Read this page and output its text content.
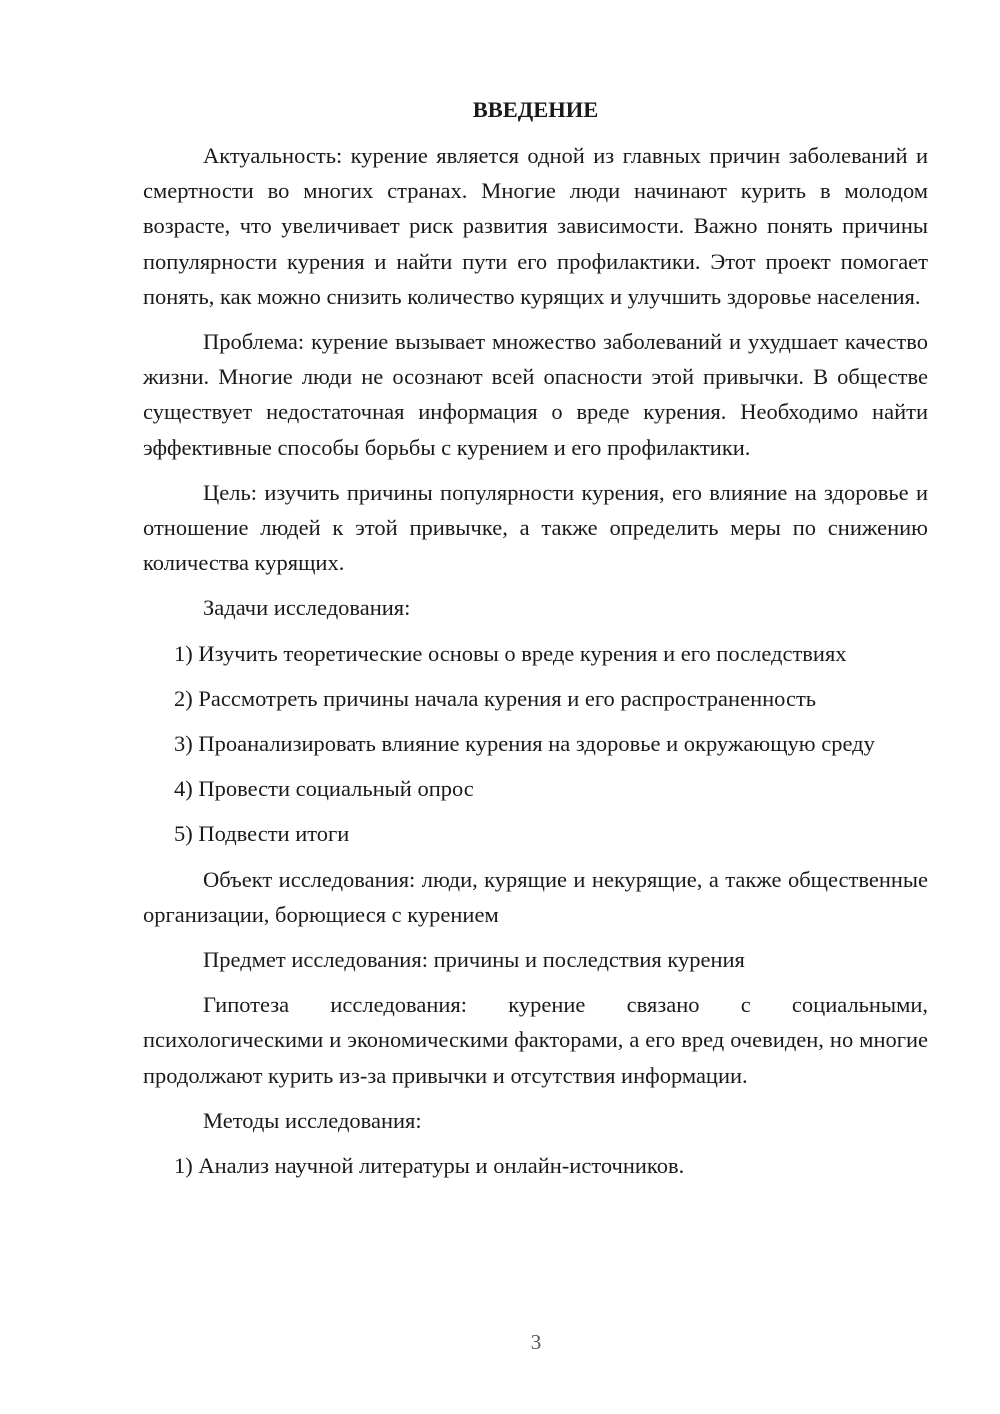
ВВЕДЕНИЕ

Актуальность: курение является одной из главных причин заболеваний и смертности во многих странах. Многие люди начинают курить в молодом возрасте, что увеличивает риск развития зависимости. Важно понять причины популярности курения и найти пути его профилактики. Этот проект помогает понять, как можно снизить количество курящих и улучшить здоровье населения.

Проблема: курение вызывает множество заболеваний и ухудшает качество жизни. Многие люди не осознают всей опасности этой привычки. В обществе существует недостаточная информация о вреде курения. Необходимо найти эффективные способы борьбы с курением и его профилактики.

Цель: изучить причины популярности курения, его влияние на здоровье и отношение людей к этой привычке, а также определить меры по снижению количества курящих.

Задачи исследования:

1) Изучить теоретические основы о вреде курения и его последствиях

2) Рассмотреть причины начала курения и его распространенность

3) Проанализировать влияние курения на здоровье и окружающую среду

4) Провести социальный опрос

5) Подвести итоги

Объект исследования: люди, курящие и некурящие, а также общественные организации, борющиеся с курением

Предмет исследования: причины и последствия курения

Гипотеза исследования: курение связано с социальными, психологическими и экономическими факторами, а его вред очевиден, но многие продолжают курить из-за привычки и отсутствия информации.

Методы исследования:

1) Анализ научной литературы и онлайн-источников.

3
